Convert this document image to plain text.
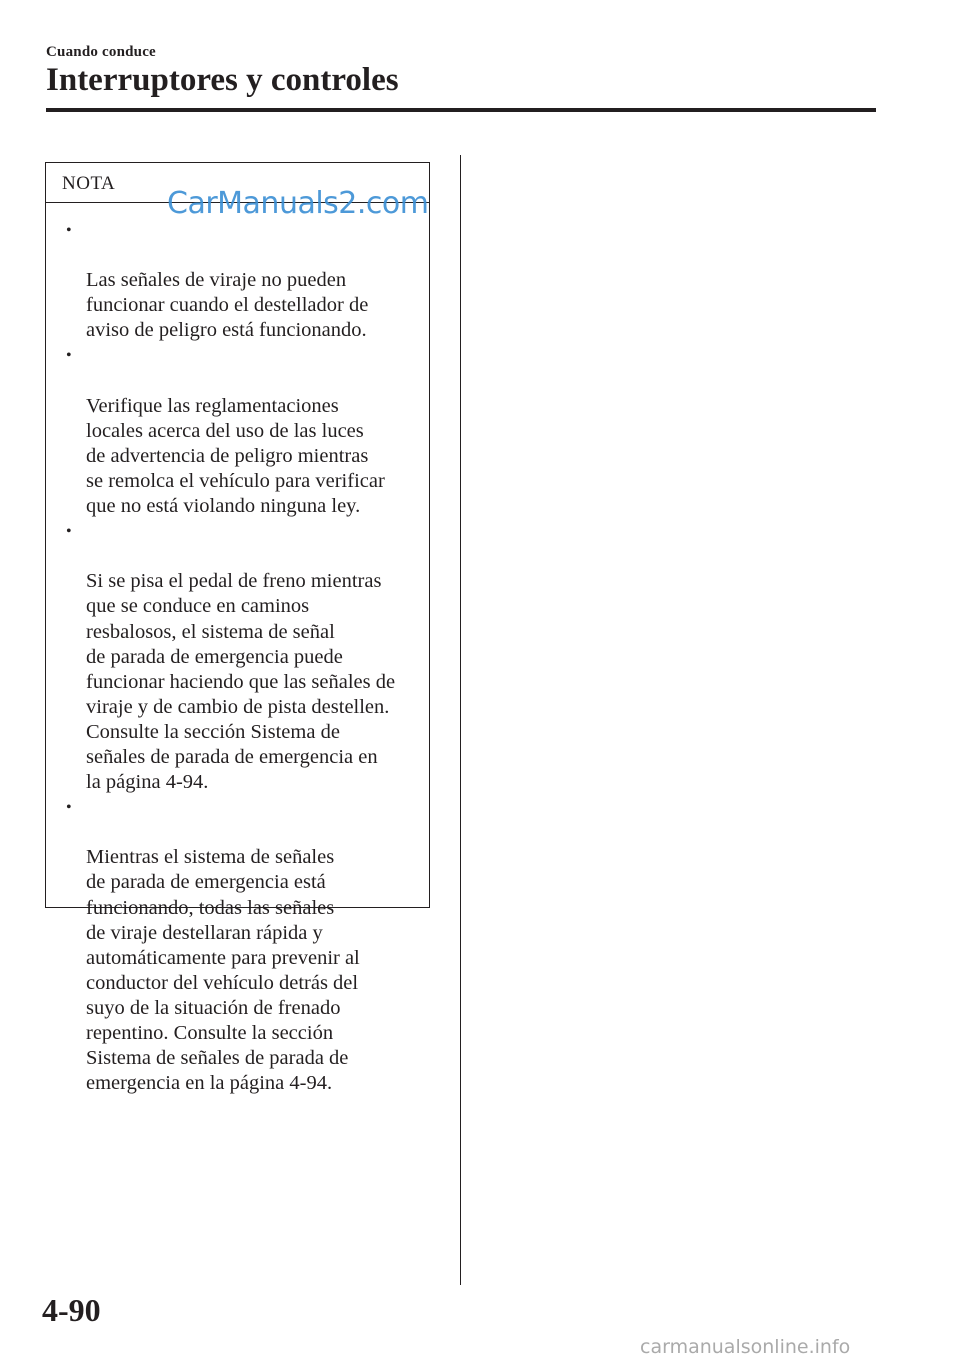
Cuando conduce
Interruptores y controles
NOTA

•

Las señales de viraje no pueden
funcionar cuando el destellador de
aviso de peligro está funcionando.

•

Verifique las reglamentaciones
locales acerca del uso de las luces
de advertencia de peligro mientras
se remolca el vehículo para verificar
que no está violando ninguna ley.

•

Si se pisa el pedal de freno mientras
que se conduce en caminos
resbalosos, el sistema de señal
de parada de emergencia puede
funcionar haciendo que las señales de
viraje y de cambio de pista destellen.
Consulte la sección Sistema de
señales de parada de emergencia en
la página 4-94.

•

Mientras el sistema de señales
de parada de emergencia está
funcionando, todas las señales
de viraje destellaran rápida y
automáticamente para prevenir al
conductor del vehículo detrás del
suyo de la situación de frenado
repentino. Consulte la sección
Sistema de señales de parada de
emergencia en la página 4-94.

CarManuals2.com
4-90
carmanualsonline.info
